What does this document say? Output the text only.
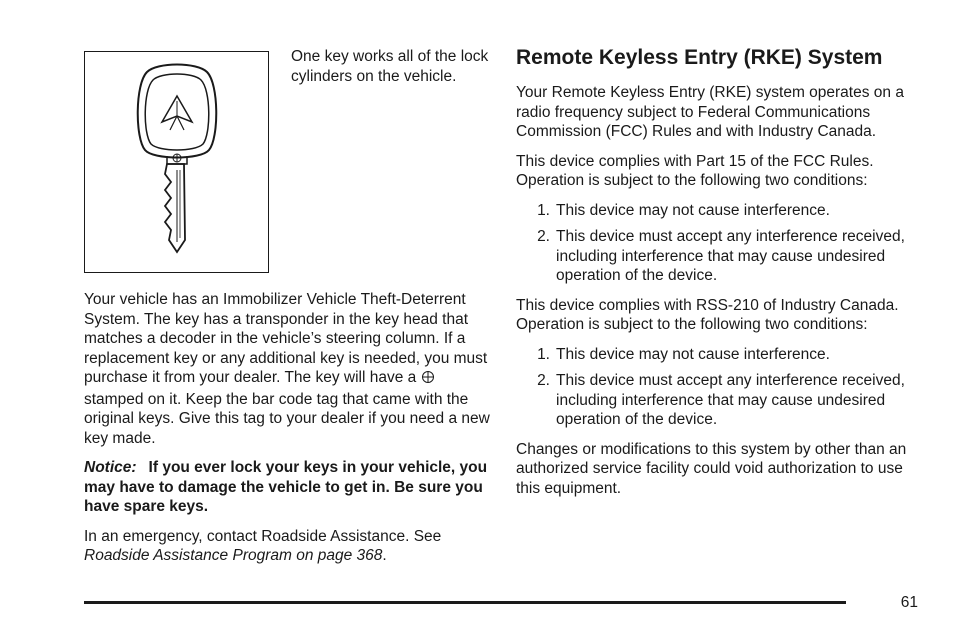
One key works all of the lock cylinders on the vehicle.

Your vehicle has an Immobilizer Vehicle Theft-Deterrent System. The key has a transponder in the key head that matches a decoder in the vehicle’s steering column. If a replacement key or any additional key is needed, you must purchase it from your dealer. The key will have a  stamped on it. Keep the bar code tag that came with the original keys. Give this tag to your dealer if you need a new key made.

Notice: If you ever lock your keys in your vehicle, you may have to damage the vehicle to get in. Be sure you have spare keys.

In an emergency, contact Roadside Assistance. See Roadside Assistance Program on page 368.

Remote Keyless Entry (RKE) System

Your Remote Keyless Entry (RKE) system operates on a radio frequency subject to Federal Communications Commission (FCC) Rules and with Industry Canada.

This device complies with Part 15 of the FCC Rules. Operation is subject to the following two conditions:

1. This device may not cause interference.
2. This device must accept any interference received, including interference that may cause undesired operation of the device.

This device complies with RSS-210 of Industry Canada. Operation is subject to the following two conditions:

1. This device may not cause interference.
2. This device must accept any interference received, including interference that may cause undesired operation of the device.

Changes or modifications to this system by other than an authorized service facility could void authorization to use this equipment.

61
